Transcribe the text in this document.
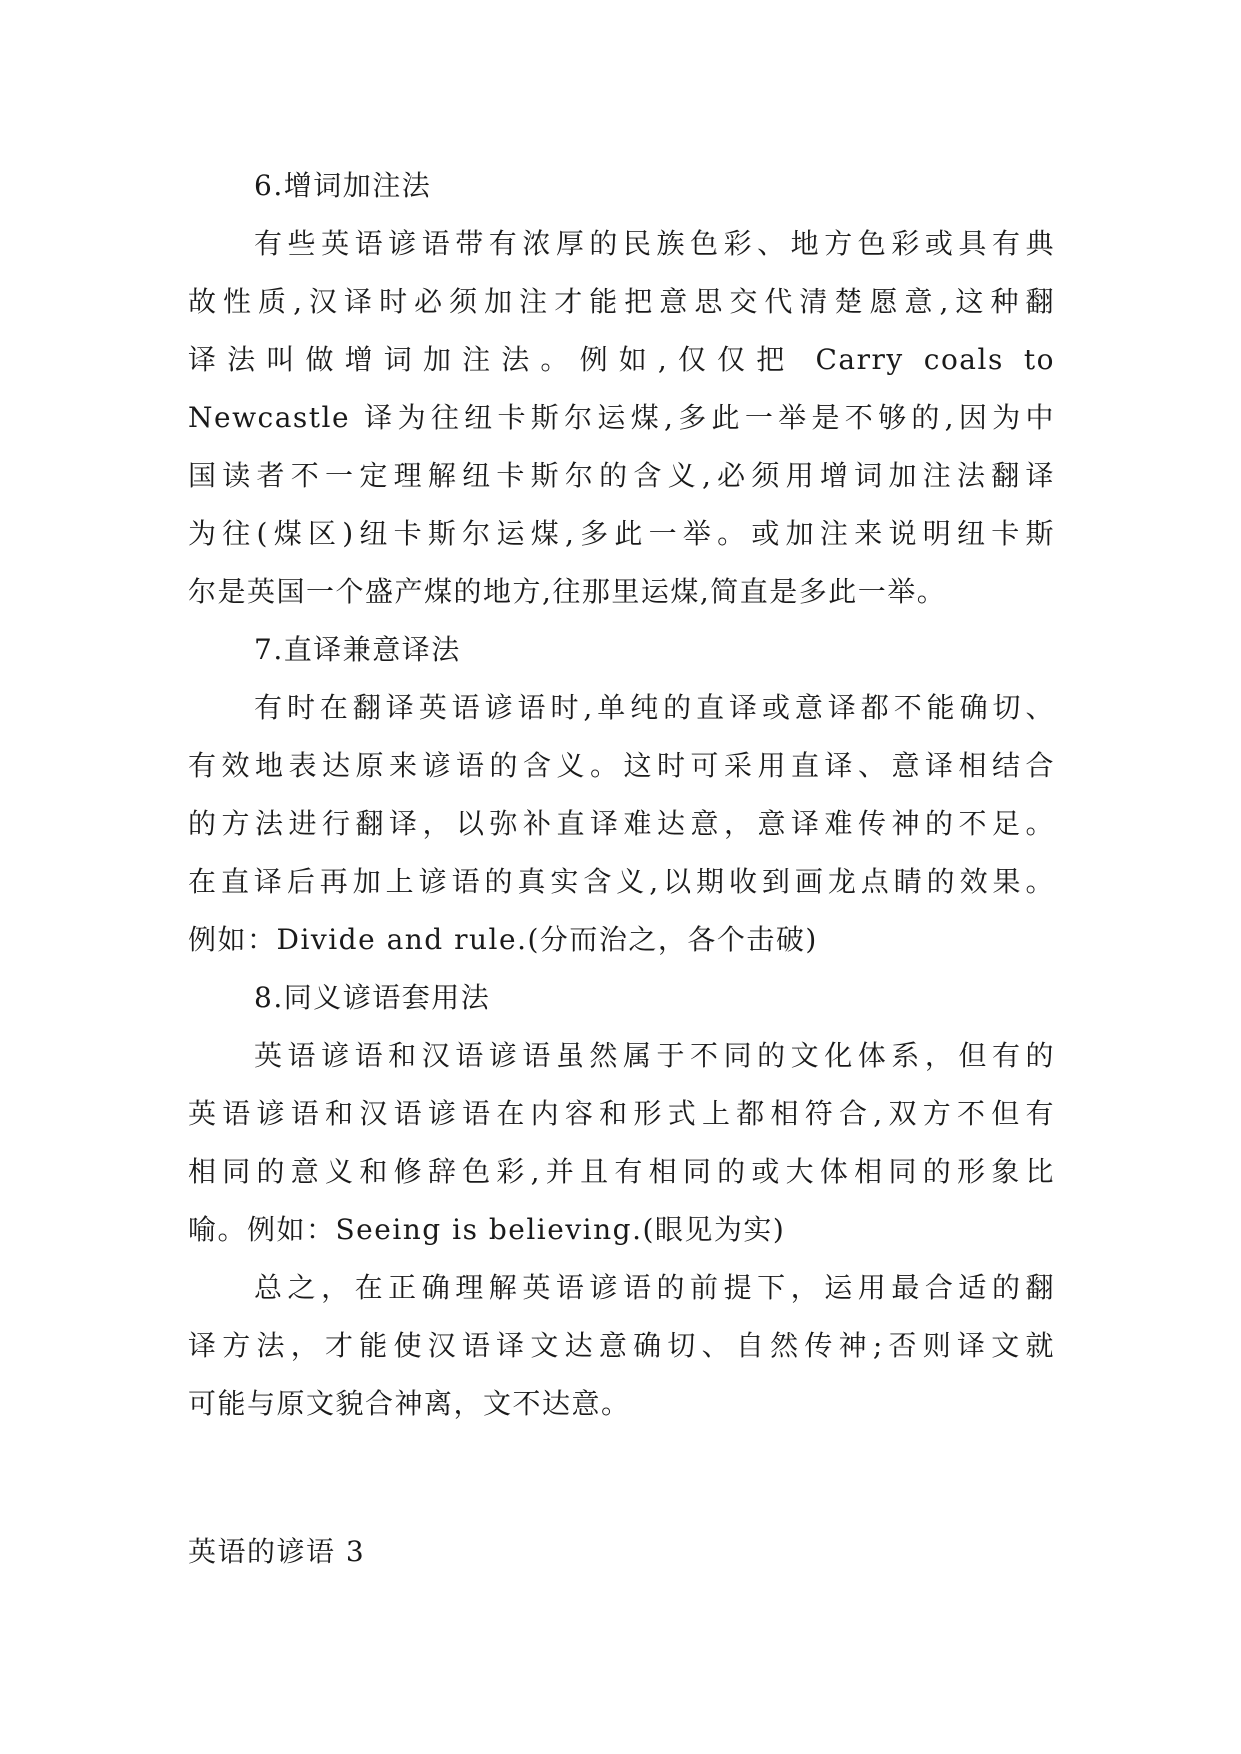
6.增词加注法
有些英语谚语带有浓厚的民族色彩、地方色彩或具有典
故性质,汉译时必须加注才能把意思交代清楚愿意,这种翻
译法叫做增词加注法。例如,仅仅把 Carry coals to
Newcastle 译为往纽卡斯尔运煤,多此一举是不够的,因为中
国读者不一定理解纽卡斯尔的含义,必须用增词加注法翻译
为往(煤区)纽卡斯尔运煤,多此一举。或加注来说明纽卡斯
尔是英国一个盛产煤的地方,往那里运煤,简直是多此一举。
7.直译兼意译法
有时在翻译英语谚语时,单纯的直译或意译都不能确切、
有效地表达原来谚语的含义。这时可采用直译、意译相结合
的方法进行翻译，以弥补直译难达意，意译难传神的不足。
在直译后再加上谚语的真实含义,以期收到画龙点睛的效果。
例如：Divide and rule.(分而治之，各个击破)
8.同义谚语套用法
英语谚语和汉语谚语虽然属于不同的文化体系，但有的
英语谚语和汉语谚语在内容和形式上都相符合,双方不但有
相同的意义和修辞色彩,并且有相同的或大体相同的形象比
喻。例如：Seeing is believing.(眼见为实)
总之，在正确理解英语谚语的前提下，运用最合适的翻
译方法，才能使汉语译文达意确切、自然传神;否则译文就
可能与原文貌合神离，文不达意。
英语的谚语 3
